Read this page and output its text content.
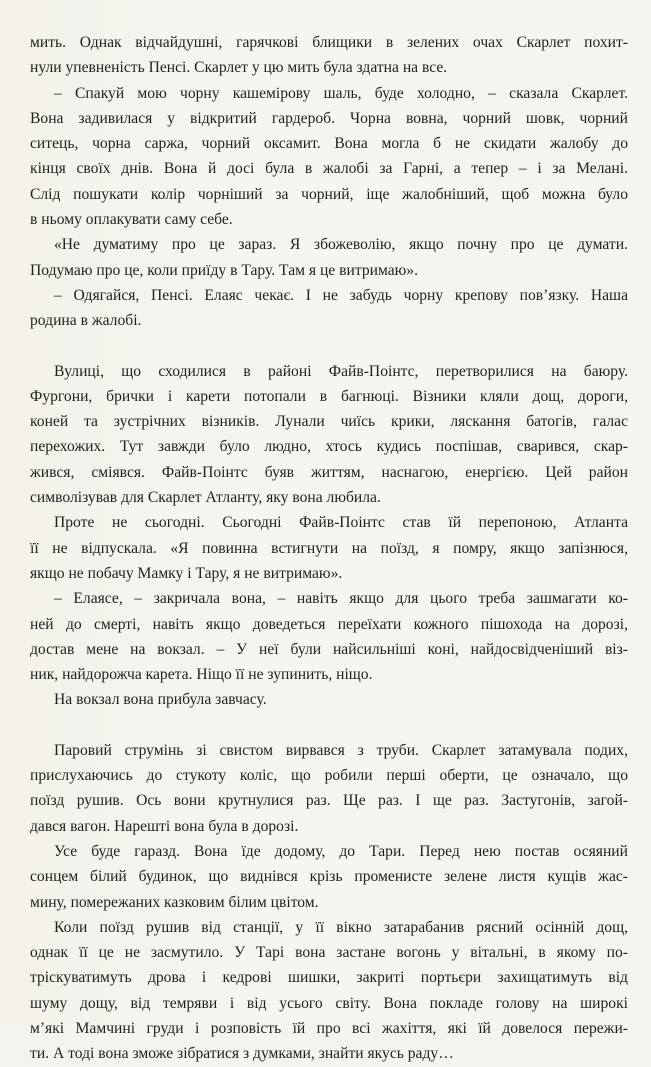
мить. Однак відчайдушні, гарячкові блищики в зелених очах Скарлет похит-
нули упевненість Пенсі. Скарлет у цю мить була здатна на все.
– Спакуй мою чорну кашемірову шаль, буде холодно, – сказала Скарлет.
Вона задивилася у відкритий гардероб. Чорна вовна, чорний шовк, чорний
ситець, чорна саржа, чорний оксамит. Вона могла б не скидати жалобу до
кінця своїх днів. Вона й досі була в жалобі за Гарні, а тепер – і за Мелані.
Слід пошукати колір чорніший за чорний, іще жалобніший, щоб можна було
в ньому оплакувати саму себе.
«Не думатиму про це зараз. Я збожеволію, якщо почну про це думати.
Подумаю про це, коли приїду в Тару. Там я це витримаю».
– Одягайся, Пенсі. Елаяс чекає. І не забудь чорну крепову пов’язку. Наша
родина в жалобі.
Вулиці, що сходилися в районі Файв-Поінтс, перетворилися на баюру.
Фургони, брички і карети потопали в багнюці. Візники кляли дощ, дороги,
коней та зустрічних візників. Лунали чиїсь крики, ляскання батогів, галас
перехожих. Тут завжди було людно, хтось кудись поспішав, сварився, скар-
жився, сміявся. Файв-Поінтс буяв життям, наснагою, енергією. Цей район
символізував для Скарлет Атланту, яку вона любила.
Проте не сьогодні. Сьогодні Файв-Поінтс став їй перепоною, Атланта
її не відпускала. «Я повинна встигнути на поїзд, я помру, якщо запізнюся,
якщо не побачу Мамку і Тару, я не витримаю».
– Елаясе, – закричала вона, – навіть якщо для цього треба зашмагати ко-
ней до смерті, навіть якщо доведеться переїхати кожного пішохода на дорозі,
достав мене на вокзал. – У неї були найсильніші коні, найдосвідченіший віз-
ник, найдорожча карета. Ніщо її не зупинить, ніщо.
На вокзал вона прибула завчасу.
Паровий струмінь зі свистом вирвався з труби. Скарлет затамувала подих,
прислухаючись до стукоту коліс, що робили перші оберти, це означало, що
поїзд рушив. Ось вони крутнулися раз. Ще раз. І ще раз. Застугонів, загой-
дався вагон. Нарешті вона була в дорозі.
Усе буде гаразд. Вона їде додому, до Тари. Перед нею постав осяяний
сонцем білий будинок, що виднівся крізь променисте зелене листя кущів жас-
мину, помережаних казковим білим цвітом.
Коли поїзд рушив від станції, у її вікно затарабанив рясний осінній дощ,
однак її це не засмутило. У Тарі вона застане вогонь у вітальні, в якому по-
тріскуватимуть дрова і кедрові шишки, закриті портьєри захищатимуть від
шуму дощу, від темряви і від усього світу. Вона покладе голову на широкі
м’які Мамчині груди і розповість їй про всі жахіття, які їй довелося пережи-
ти. А тоді вона зможе зібратися з думками, знайти якусь раду…
